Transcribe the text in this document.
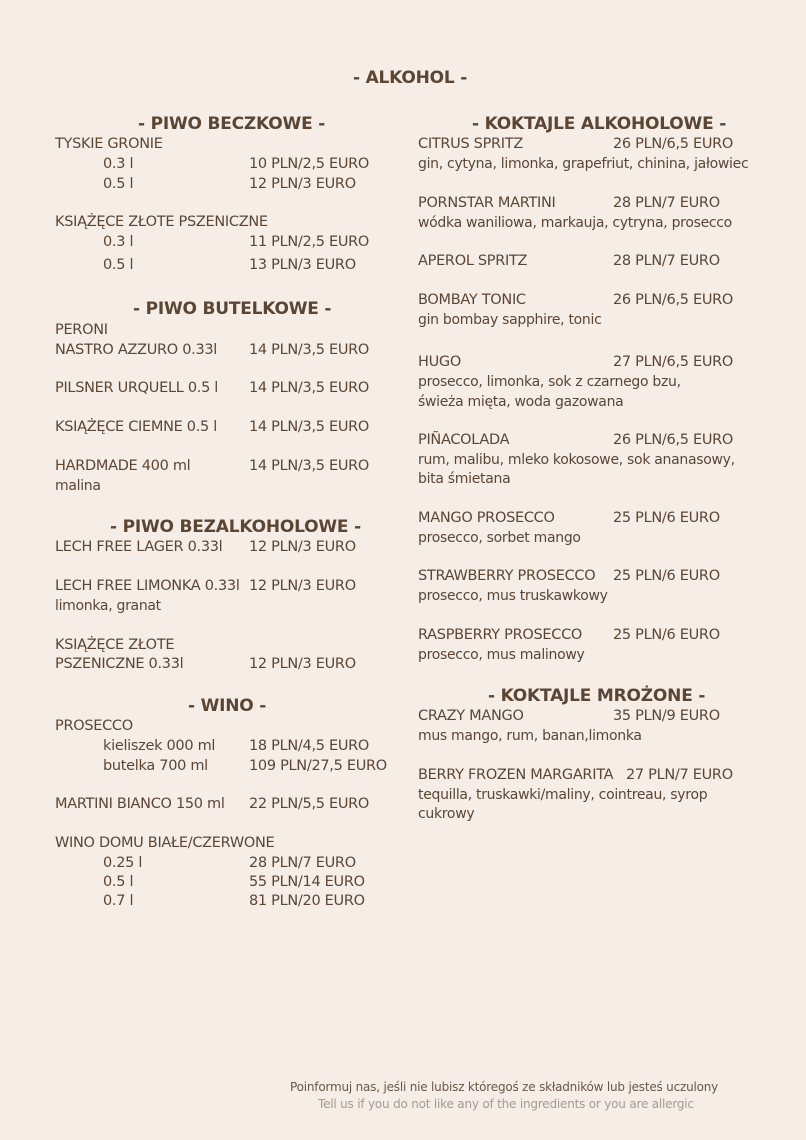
- ALKOHOL -
- PIWO BECZKOWE -
TYSKIE GRONIE
0.3 l	10 PLN/2,5 EURO
0.5 l	12 PLN/3 EURO
KSIĄŻĘCE ZŁOTE PSZENICZNE
0.3 l	11 PLN/2,5 EURO
0.5 l	13 PLN/3 EURO
- PIWO BUTELKOWE -
PERONI
NASTRO AZZURO 0.33l 14 PLN/3,5 EURO
PILSNER URQUELL 0.5 l 14 PLN/3,5 EURO
KSIĄŻĘCE CIEMNE 0.5 l 14 PLN/3,5 EURO
HARDMADE 400 ml	14 PLN/3,5 EURO
malina
- PIWO BEZALKOHOLOWE -
LECH FREE LAGER 0.33l 12 PLN/3 EURO
LECH FREE LIMONKA 0.33l 12 PLN/3 EURO
limonka, granat
KSIĄŻĘCE ZŁOTE
PSZENICZNE 0.33l	12 PLN/3 EURO
- WINO -
PROSECCO
kieliszek 000 ml 18 PLN/4,5 EURO
butelka 700 ml	109 PLN/27,5 EURO
MARTINI BIANCO 150 ml 22 PLN/5,5 EURO
WINO DOMU BIAŁE/CZERWONE
0.25 l	28 PLN/7 EURO
0.5 l	55 PLN/14 EURO
0.7 l	81 PLN/20 EURO
- KOKTAJLE ALKOHOLOWE -
CITRUS SPRITZ	26 PLN/6,5 EURO
gin, cytyna, limonka, grapefriut, chinina, jałowiec
PORNSTAR MARTINI	28 PLN/7 EURO
wódka waniliowa, markauja, cytryna, prosecco
APEROL SPRITZ	28 PLN/7 EURO
BOMBAY TONIC	26 PLN/6,5 EURO
gin bombay sapphire, tonic
HUGO	27 PLN/6,5 EURO
prosecco, limonka, sok z czarnego bzu,
świeża mięta, woda gazowana
PIÑACOLADA	26 PLN/6,5 EURO
rum, malibu, mleko kokosowe, sok ananasowy,
bita śmietana
MANGO PROSECCO	25 PLN/6 EURO
prosecco, sorbet mango
STRAWBERRY PROSECCO 25 PLN/6 EURO
prosecco, mus truskawkowy
RASPBERRY PROSECCO 25 PLN/6 EURO
prosecco, mus malinowy
- KOKTAJLE MROŻONE -
CRAZY MANGO	35 PLN/9 EURO
mus mango, rum, banan,limonka
BERRY FROZEN MARGARITA 27 PLN/7 EURO
tequilla, truskawki/maliny, cointreau, syrop
cukrowy
Poinformuj nas, jeśli nie lubisz któregoś ze składników lub jesteś uczulony
Tell us if you do not like any of the ingredients or you are allergic
